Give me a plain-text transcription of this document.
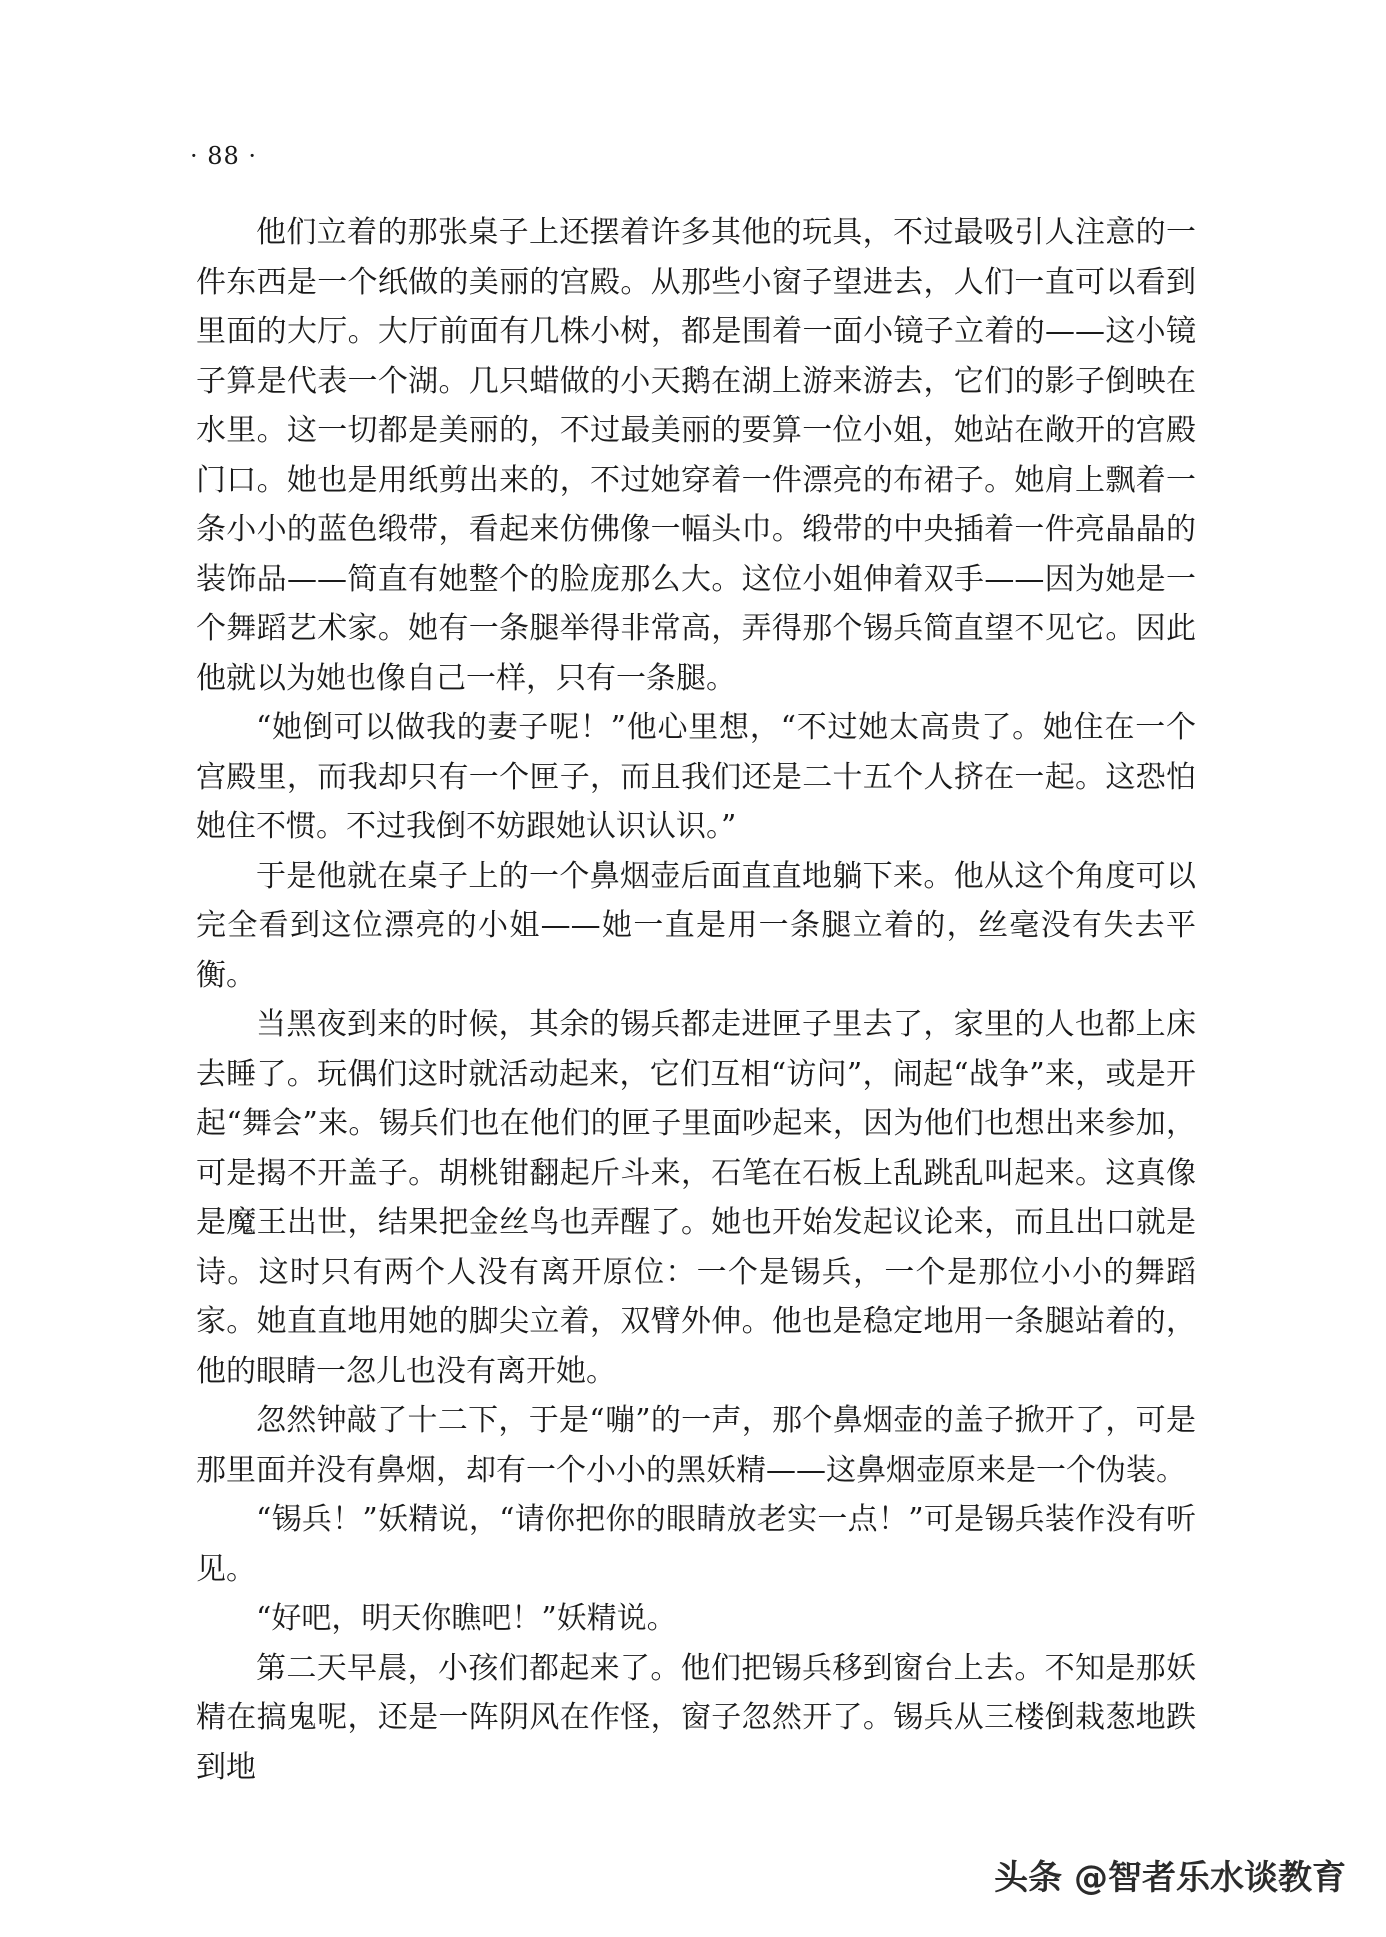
· 88 ·

他们立着的那张桌子上还摆着许多其他的玩具，不过最吸引人注意的一件东西是一个纸做的美丽的宫殿。从那些小窗子望进去，人们一直可以看到里面的大厅。大厅前面有几株小树，都是围着一面小镜子立着的——这小镜子算是代表一个湖。几只蜡做的小天鹅在湖上游来游去，它们的影子倒映在水里。这一切都是美丽的，不过最美丽的要算一位小姐，她站在敞开的宫殿门口。她也是用纸剪出来的，不过她穿着一件漂亮的布裙子。她肩上飘着一条小小的蓝色缎带，看起来仿佛像一幅头巾。缎带的中央插着一件亮晶晶的装饰品——简直有她整个的脸庞那么大。这位小姐伸着双手——因为她是一个舞蹈艺术家。她有一条腿举得非常高，弄得那个锡兵简直望不见它。因此他就以为她也像自己一样，只有一条腿。

“她倒可以做我的妻子呢！”他心里想，“不过她太高贵了。她住在一个宫殿里，而我却只有一个匣子，而且我们还是二十五个人挤在一起。这恐怕她住不惯。不过我倒不妨跟她认识认识。”

于是他就在桌子上的一个鼻烟壶后面直直地躺下来。他从这个角度可以完全看到这位漂亮的小姐——她一直是用一条腿立着的，丝毫没有失去平衡。

当黑夜到来的时候，其余的锡兵都走进匣子里去了，家里的人也都上床去睡了。玩偶们这时就活动起来，它们互相“访问”，闹起“战争”来，或是开起“舞会”来。锡兵们也在他们的匣子里面吵起来，因为他们也想出来参加，可是揭不开盖子。胡桃钳翻起斤斗来，石笔在石板上乱跳乱叫起来。这真像是魔王出世，结果把金丝鸟也弄醒了。她也开始发起议论来，而且出口就是诗。这时只有两个人没有离开原位：一个是锡兵，一个是那位小小的舞蹈家。她直直地用她的脚尖立着，双臂外伸。他也是稳定地用一条腿站着的，他的眼睛一忽儿也没有离开她。

忽然钟敲了十二下，于是“嘣”的一声，那个鼻烟壶的盖子掀开了，可是那里面并没有鼻烟，却有一个小小的黑妖精——这鼻烟壶原来是一个伪装。

“锡兵！”妖精说，“请你把你的眼睛放老实一点！”可是锡兵装作没有听见。

“好吧，明天你瞧吧！”妖精说。

第二天早晨，小孩们都起来了。他们把锡兵移到窗台上去。不知是那妖精在搞鬼呢，还是一阵阴风在作怪，窗子忽然开了。锡兵从三楼倒栽葱地跌到地

头条 @智者乐水谈教育
